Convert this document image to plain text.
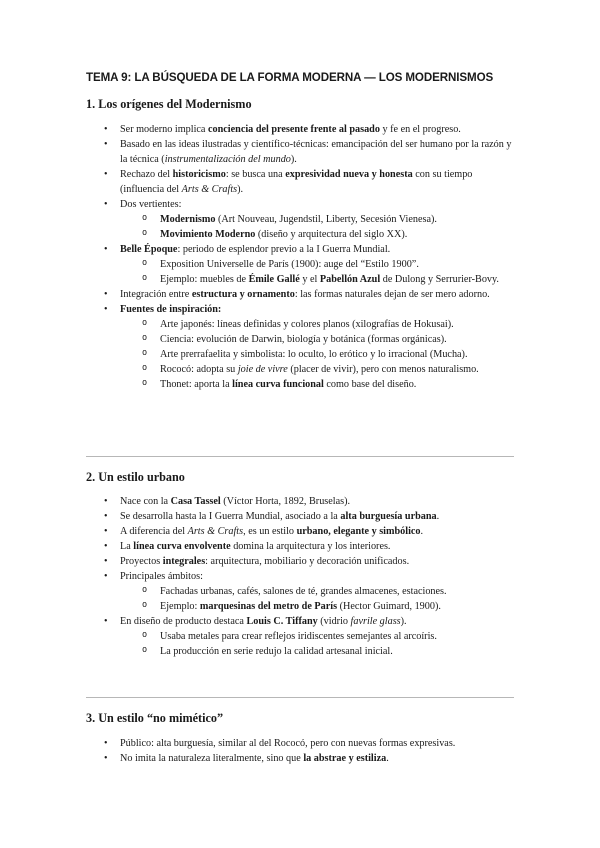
TEMA 9: LA BÚSQUEDA DE LA FORMA MODERNA — LOS MODERNISMOS
1. Los orígenes del Modernismo
• Ser moderno implica conciencia del presente frente al pasado y fe en el progreso.
• Basado en las ideas ilustradas y científico-técnicas: emancipación del ser humano por la razón y la técnica (instrumentalización del mundo).
• Rechazo del historicismo: se busca una expresividad nueva y honesta con su tiempo (influencia del Arts & Crafts).
• Dos vertientes:
o Modernismo (Art Nouveau, Jugendstil, Liberty, Secesión Vienesa).
o Movimiento Moderno (diseño y arquitectura del siglo XX).
• Belle Époque: periodo de esplendor previo a la I Guerra Mundial.
o Exposition Universelle de París (1900): auge del “Estilo 1900”.
o Ejemplo: muebles de Émile Gallé y el Pabellón Azul de Dulong y Serrurier-Bovy.
• Integración entre estructura y ornamento: las formas naturales dejan de ser mero adorno.
• Fuentes de inspiración:
o Arte japonés: líneas definidas y colores planos (xilografías de Hokusai).
o Ciencia: evolución de Darwin, biología y botánica (formas orgánicas).
o Arte prerrafaelita y simbolista: lo oculto, lo erótico y lo irracional (Mucha).
o Rococó: adopta su joie de vivre (placer de vivir), pero con menos naturalismo.
o Thonet: aporta la línea curva funcional como base del diseño.
2. Un estilo urbano
• Nace con la Casa Tassel (Víctor Horta, 1892, Bruselas).
• Se desarrolla hasta la I Guerra Mundial, asociado a la alta burguesía urbana.
• A diferencia del Arts & Crafts, es un estilo urbano, elegante y simbólico.
• La línea curva envolvente domina la arquitectura y los interiores.
• Proyectos integrales: arquitectura, mobiliario y decoración unificados.
• Principales ámbitos:
o Fachadas urbanas, cafés, salones de té, grandes almacenes, estaciones.
o Ejemplo: marquesinas del metro de París (Hector Guimard, 1900).
• En diseño de producto destaca Louis C. Tiffany (vidrio favrile glass).
o Usaba metales para crear reflejos iridiscentes semejantes al arcoíris.
o La producción en serie redujo la calidad artesanal inicial.
3. Un estilo “no mimético”
• Público: alta burguesía, similar al del Rococó, pero con nuevas formas expresivas.
• No imita la naturaleza literalmente, sino que la abstrae y estiliza.
